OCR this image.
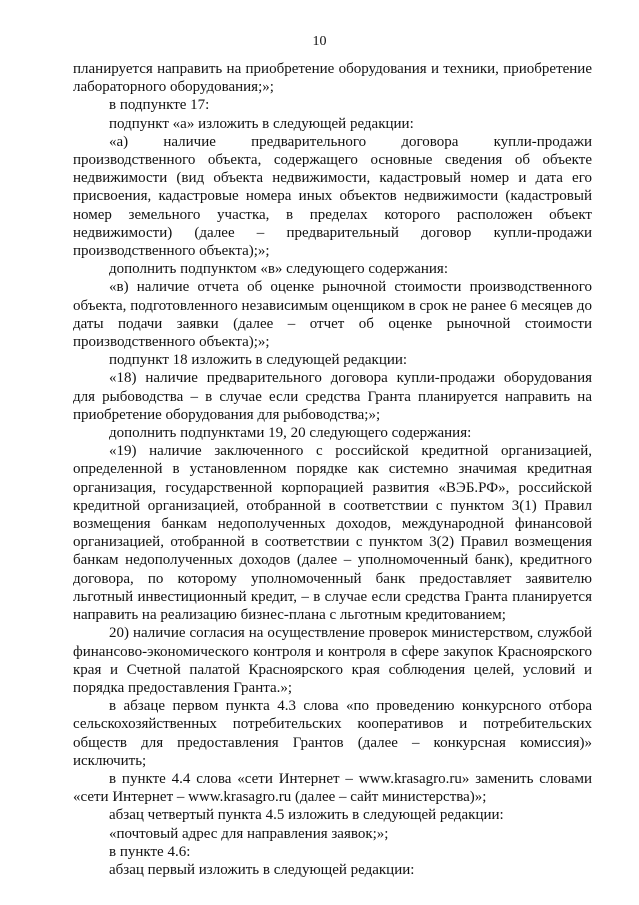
10

планируется направить на приобретение оборудования и техники, приобретение лабораторного оборудования;»;

в подпункте 17:

подпункт «а» изложить в следующей редакции:

«а) наличие предварительного договора купли-продажи производственного объекта, содержащего основные сведения об объекте недвижимости (вид объекта недвижимости, кадастровый номер и дата его присвоения, кадастровые номера иных объектов недвижимости (кадастровый номер земельного участка, в пределах которого расположен объект недвижимости) (далее – предварительный договор купли-продажи производственного объекта);»;

дополнить подпунктом «в» следующего содержания:

«в) наличие отчета об оценке рыночной стоимости производственного объекта, подготовленного независимым оценщиком в срок не ранее 6 месяцев до даты подачи заявки (далее – отчет об оценке рыночной стоимости производственного объекта);»;

подпункт 18 изложить в следующей редакции:

«18) наличие предварительного договора купли-продажи оборудования для рыбоводства – в случае если средства Гранта планируется направить на приобретение оборудования для рыбоводства;»;

дополнить подпунктами 19, 20 следующего содержания:

«19) наличие заключенного с российской кредитной организацией, определенной в установленном порядке как системно значимая кредитная организация, государственной корпорацией развития «ВЭБ.РФ», российской кредитной организацией, отобранной в соответствии с пунктом 3(1) Правил возмещения банкам недополученных доходов, международной финансовой организацией, отобранной в соответствии с пунктом 3(2) Правил возмещения банкам недополученных доходов (далее – уполномоченный банк), кредитного договора, по которому уполномоченный банк предоставляет заявителю льготный инвестиционный кредит, – в случае если средства Гранта планируется направить на реализацию бизнес-плана с льготным кредитованием;

20) наличие согласия на осуществление проверок министерством, службой финансово-экономического контроля и контроля в сфере закупок Красноярского края и Счетной палатой Красноярского края соблюдения целей, условий и порядка предоставления Гранта.»;

в абзаце первом пункта 4.3 слова «по проведению конкурсного отбора сельскохозяйственных потребительских кооперативов и потребительских обществ для предоставления Грантов (далее – конкурсная комиссия)» исключить;

в пункте 4.4 слова «сети Интернет – www.krasagro.ru» заменить словами «сети Интернет – www.krasagro.ru (далее – сайт министерства)»;

абзац четвертый пункта 4.5 изложить в следующей редакции:

«почтовый адрес для направления заявок;»;

в пункте 4.6:

абзац первый изложить в следующей редакции:
